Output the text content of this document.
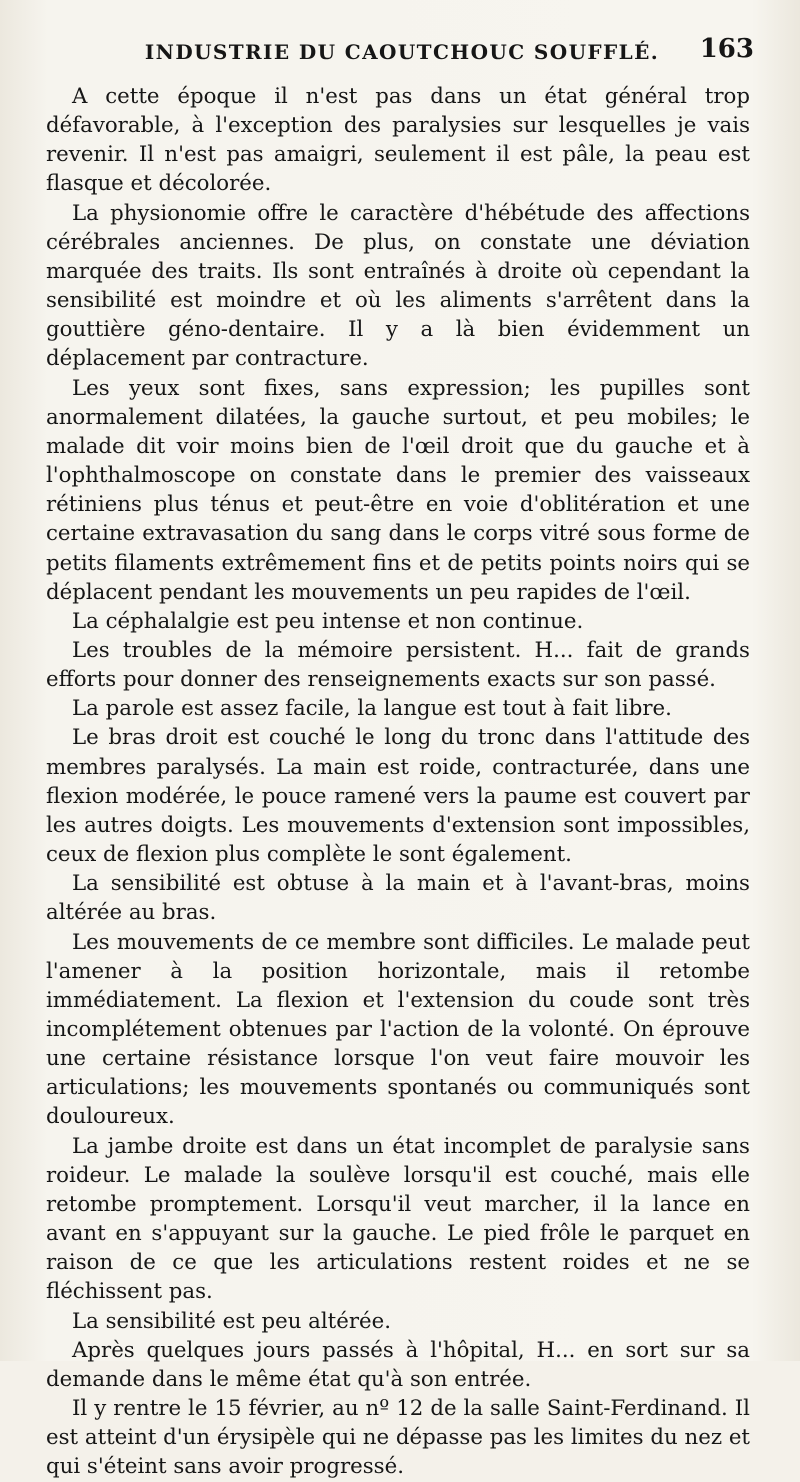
INDUSTRIE DU CAOUTCHOUC SOUFFLÉ.	163

A cette époque il n'est pas dans un état général trop défavorable, à l'exception des paralysies sur lesquelles je vais revenir. Il n'est pas amaigri, seulement il est pâle, la peau est flasque et décolorée.

La physionomie offre le caractère d'hébétude des affections cérébrales anciennes. De plus, on constate une déviation marquée des traits. Ils sont entraînés à droite où cependant la sensibilité est moindre et où les aliments s'arrêtent dans la gouttière géno-dentaire. Il y a là bien évidemment un déplacement par contracture.

Les yeux sont fixes, sans expression; les pupilles sont anormalement dilatées, la gauche surtout, et peu mobiles; le malade dit voir moins bien de l'œil droit que du gauche et à l'ophthalmoscope on constate dans le premier des vaisseaux rétiniens plus ténus et peut-être en voie d'oblitération et une certaine extravasation du sang dans le corps vitré sous forme de petits filaments extrêmement fins et de petits points noirs qui se déplacent pendant les mouvements un peu rapides de l'œil.

La céphalalgie est peu intense et non continue.

Les troubles de la mémoire persistent. H... fait de grands efforts pour donner des renseignements exacts sur son passé.

La parole est assez facile, la langue est tout à fait libre.

Le bras droit est couché le long du tronc dans l'attitude des membres paralysés. La main est roide, contracturée, dans une flexion modérée, le pouce ramené vers la paume est couvert par les autres doigts. Les mouvements d'extension sont impossibles, ceux de flexion plus complète le sont également.

La sensibilité est obtuse à la main et à l'avant-bras, moins altérée au bras.

Les mouvements de ce membre sont difficiles. Le malade peut l'amener à la position horizontale, mais il retombe immédiatement. La flexion et l'extension du coude sont très incomplétement obtenues par l'action de la volonté. On éprouve une certaine résistance lorsque l'on veut faire mouvoir les articulations; les mouvements spontanés ou communiqués sont douloureux.

La jambe droite est dans un état incomplet de paralysie sans roideur. Le malade la soulève lorsqu'il est couché, mais elle retombe promptement. Lorsqu'il veut marcher, il la lance en avant en s'appuyant sur la gauche. Le pied frôle le parquet en raison de ce que les articulations restent roides et ne se fléchissent pas.

La sensibilité est peu altérée.

Après quelques jours passés à l'hôpital, H... en sort sur sa demande dans le même état qu'à son entrée.

Il y rentre le 15 février, au nº 12 de la salle Saint-Ferdinand. Il est atteint d'un érysipèle qui ne dépasse pas les limites du nez et qui s'éteint sans avoir progressé.
